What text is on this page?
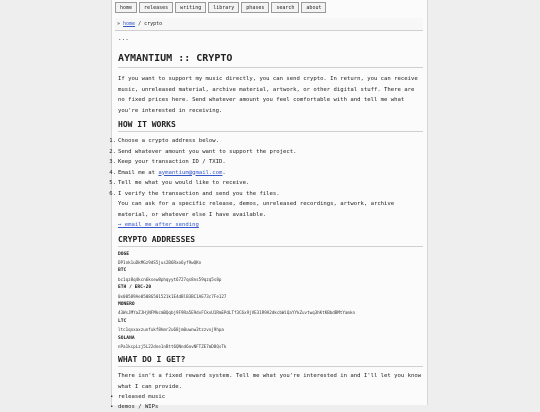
home	releases	writing	library	phases	search	about
» home / crypto
...
AYMANTIUM :: CRYPTO

If you want to support my music directly, you can send crypto. In return, you can receive music, unreleased material, archive material, artwork, or other digital stuff. There are no fixed prices here. Send whatever amount you feel comfortable with and tell me what you're interested in receiving.

HOW IT WORKS
1. Choose a crypto address below.
2. Send whatever amount you want to support the project.
3. Keep your transaction ID / TXID.
4. Email me at aymantium@gmail.com.
5. Tell me what you would like to receive.
6. I verify the transaction and send you the files.

You can ask for a specific release, demos, unreleased recordings, artwork, archive material, or whatever else I have available.

→ email me after sending

CRYPTO ADDRESSES
DOGE
DP1nk1uDkMGz9dS5jus2B6Rxo6yf9wQKn
BTC
bc1qz8q4kcn6ksew8phqyyt6727qs8ns59qzq5s8p
ETH / ERC-20
0x00589Ae0508G501521k1E4dBlB3BC1AE73c7Fe127
MONERO
43WsJMYaZJHjNFMkcmBQqbj9F9Ra5E9dvFCkvU1RmEPdLTf3C6x9jVE31R9A2dkcbWiQaYYkZuvtwq3hKtKBbdBMtYamkn
LTC
ltc1qxxaxzunfukf8kmr2u68jm0uwnw3tzzvxj9hpa
SOLANA
nPa1kcpLzj5L22dne1nBtt6QNnd6ovNFTZE7mD8QsTk
WHAT DO I GET?

There isn't a fixed reward system. Tell me what you're interested in and I'll let you know what I can provide.

• released music
• demos / WIPs
